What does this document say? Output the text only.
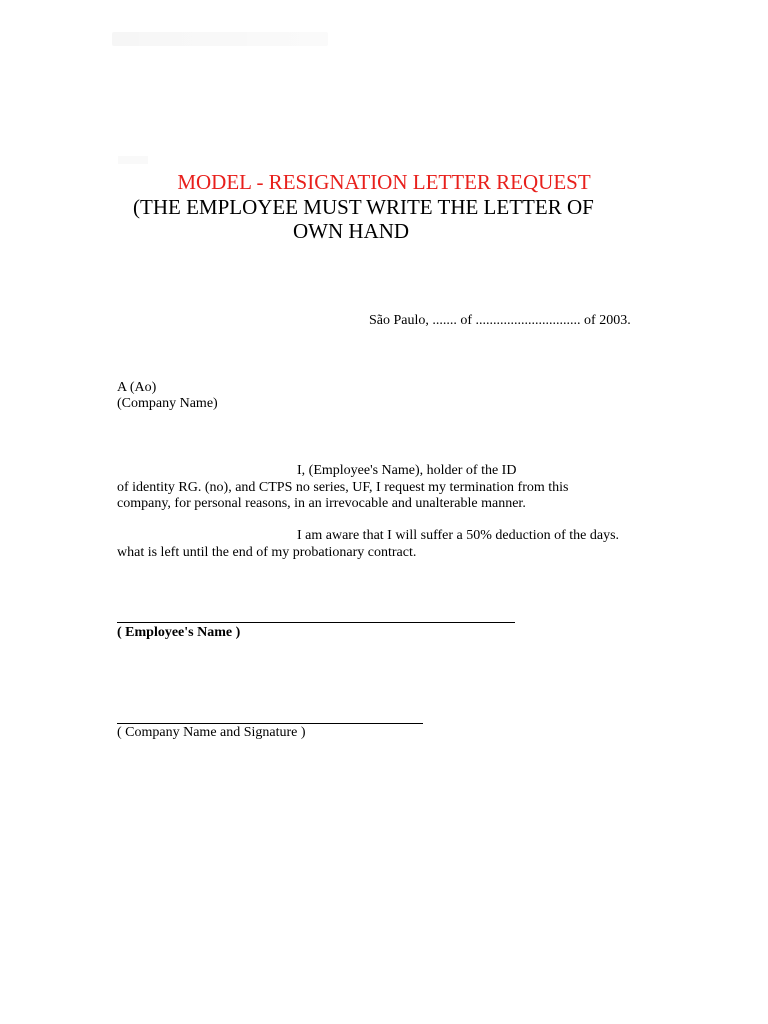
MODEL - RESIGNATION LETTER REQUEST
(THE EMPLOYEE MUST WRITE THE LETTER OF
OWN HAND
São Paulo, ....... of .............................. of 2003.
A (Ao)
(Company Name)
I, (Employee's Name), holder of the ID
of identity RG. (no), and CTPS no series, UF, I request my termination from this
company, for personal reasons, in an irrevocable and unalterable manner.
I am aware that I will suffer a 50% deduction of the days.
what is left until the end of my probationary contract.
( Employee's Name )
( Company Name and Signature )
